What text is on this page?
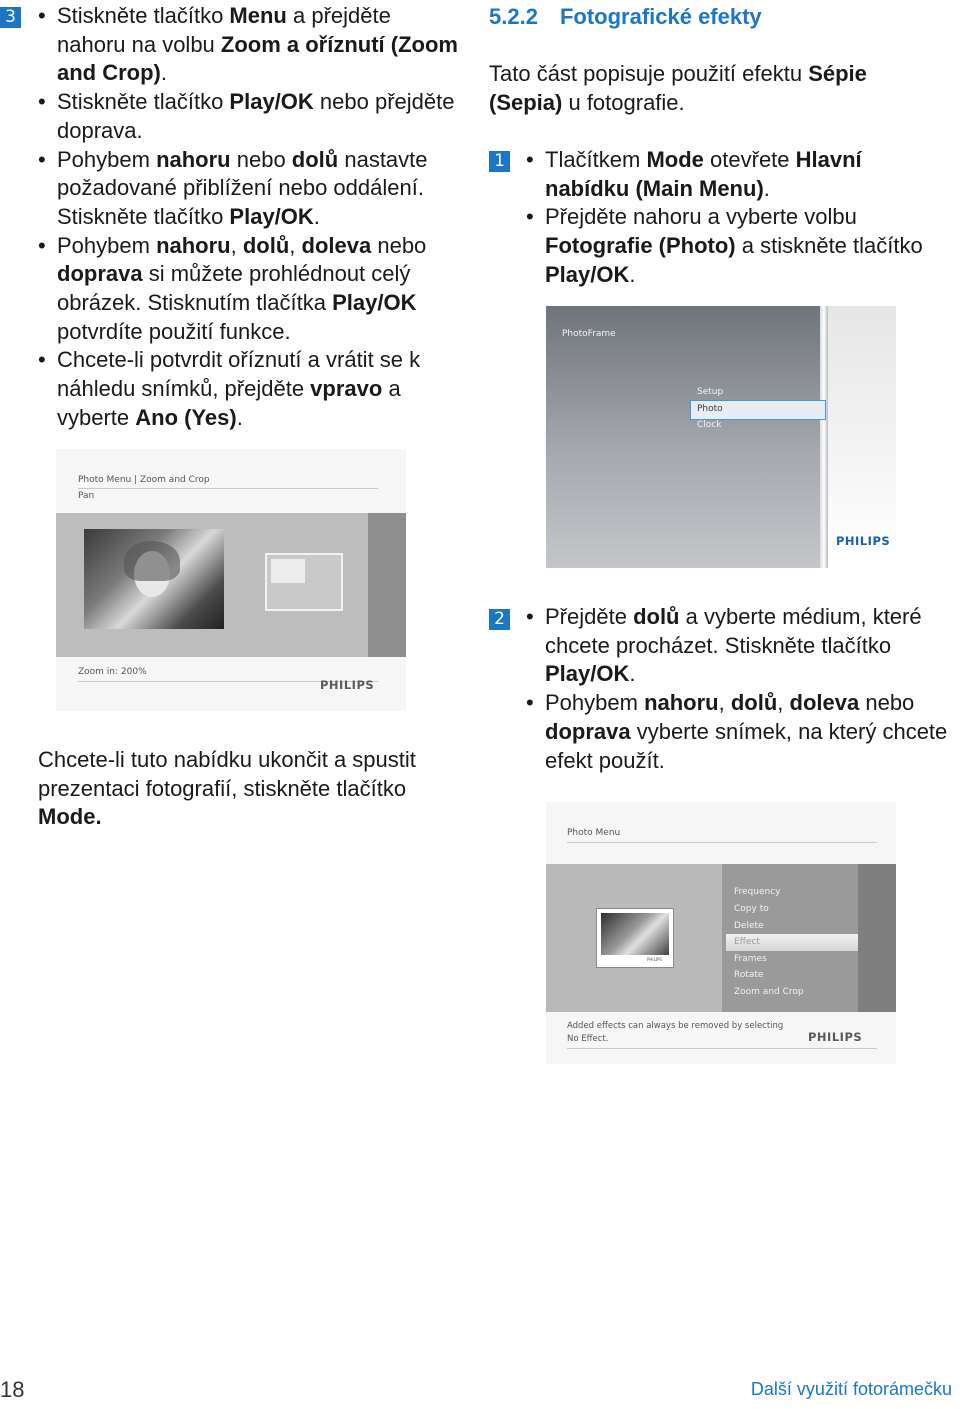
3	• Stiskněte tlačítko Menu a přejděte nahoru na volbu Zoom a oříznutí (Zoom and Crop).
• Stiskněte tlačítko Play/OK nebo přejděte doprava.
• Pohybem nahoru nebo dolů nastavte požadované přiblížení nebo oddálení. Stiskněte tlačítko Play/OK.
• Pohybem nahoru, dolů, doleva nebo doprava si můžete prohlédnout celý obrázek. Stisknutím tlačítka Play/OK potvrdíte použití funkce.
• Chcete-li potvrdit oříznutí a vrátit se k náhledu snímků, přejděte vpravo a vyberte Ano (Yes).
Photo Menu | Zoom and Crop
Pan
Zoom in: 200%
PHILIPS
Chcete-li tuto nabídku ukončit a spustit prezentaci fotografií, stiskněte tlačítko Mode.
5.2.2 Fotografické efekty
Tato část popisuje použití efektu Sépie (Sepia) u fotografie.
1	• Tlačítkem Mode otevřete Hlavní nabídku (Main Menu).
• Přejděte nahoru a vyberte volbu Fotografie (Photo) a stiskněte tlačítko Play/OK.
PhotoFrame
Setup
Photo
Clock
PHILIPS
2	• Přejděte dolů a vyberte médium, které chcete procházet. Stiskněte tlačítko Play/OK.
• Pohybem nahoru, dolů, doleva nebo doprava vyberte snímek, na který chcete efekt použít.
Photo Menu
PHILIPS
Frequency
Copy to
Delete
Effect
Frames
Rotate
Zoom and Crop
Added effects can always be removed by selecting
No Effect.	PHILIPS
18	Další využití fotorámečku
